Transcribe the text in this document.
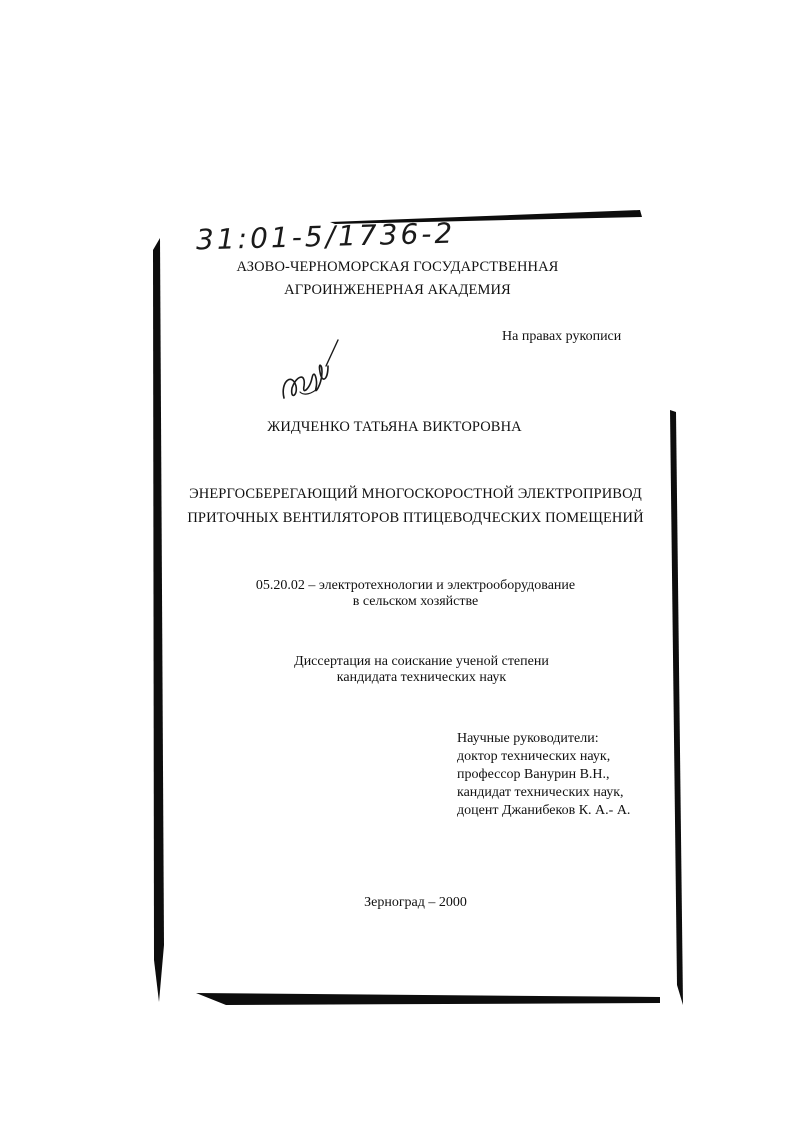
31:01-5/1736-2
АЗОВО-ЧЕРНОМОРСКАЯ ГОСУДАРСТВЕННАЯ
АГРОИНЖЕНЕРНАЯ АКАДЕМИЯ
На правах рукописи
ЖИДЧЕНКО ТАТЬЯНА ВИКТОРОВНА
ЭНЕРГОСБЕРЕГАЮЩИЙ МНОГОСКОРОСТНОЙ ЭЛЕКТРОПРИВОД
ПРИТОЧНЫХ ВЕНТИЛЯТОРОВ ПТИЦЕВОДЧЕСКИХ ПОМЕЩЕНИЙ
05.20.02 – электротехнологии и электрооборудование
в сельском хозяйстве
Диссертация на соискание ученой степени
кандидата технических наук
Научные руководители:
доктор технических наук,
профессор Ванурин В.Н.,
кандидат технических наук,
доцент Джанибеков К. А.- А.
Зерноград – 2000
